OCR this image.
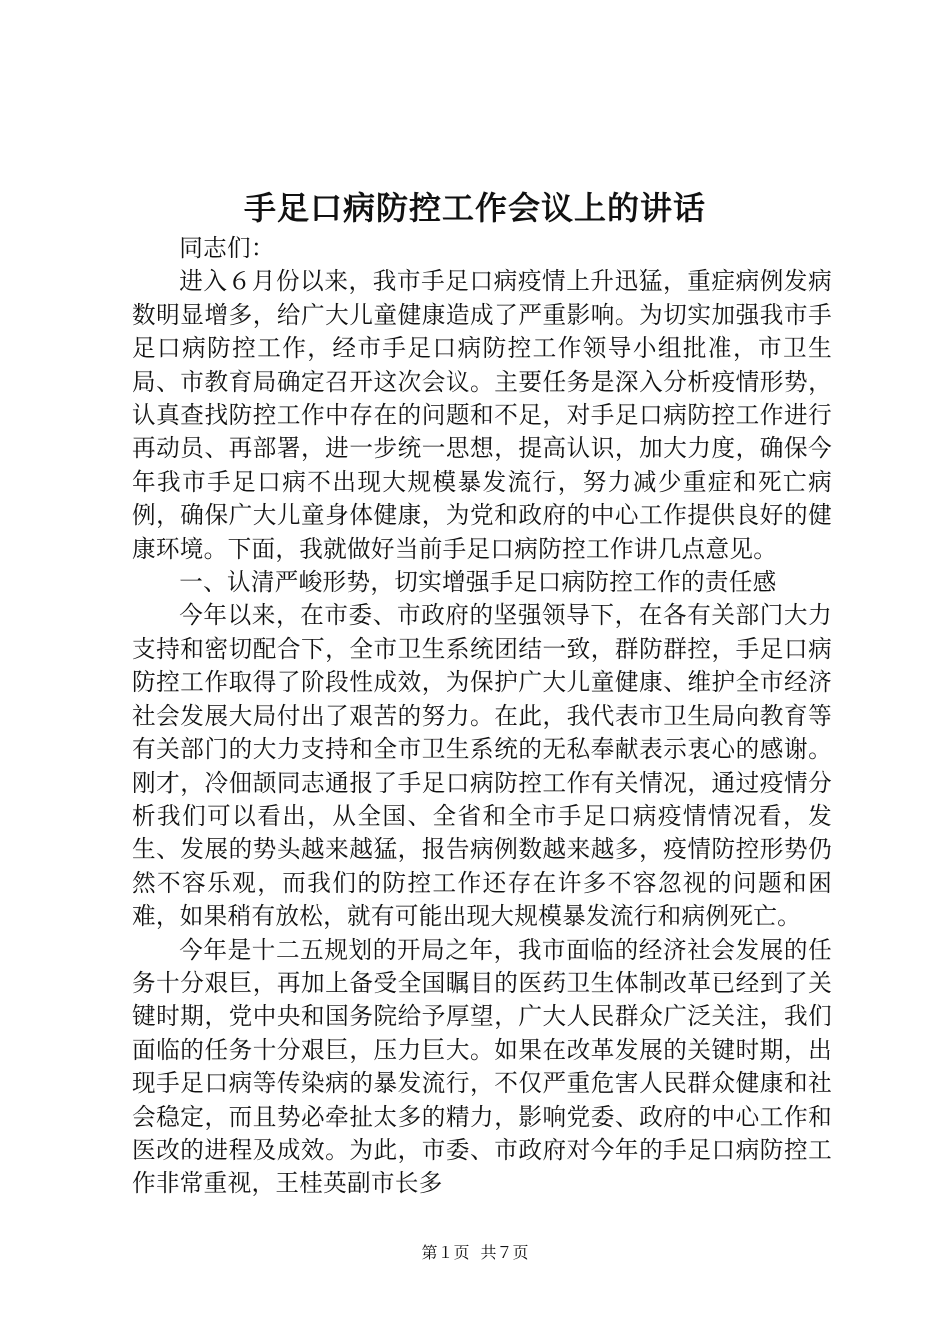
手足口病防控工作会议上的讲话

同志们：

进入６月份以来，我市手足口病疫情上升迅猛，重症病例发病数明显增多，给广大儿童健康造成了严重影响。为切实加强我市手足口病防控工作，经市手足口病防控工作领导小组批准，市卫生局、市教育局确定召开这次会议。主要任务是深入分析疫情形势，认真查找防控工作中存在的问题和不足，对手足口病防控工作进行再动员、再部署，进一步统一思想，提高认识，加大力度，确保今年我市手足口病不出现大规模暴发流行，努力减少重症和死亡病例，确保广大儿童身体健康，为党和政府的中心工作提供良好的健康环境。下面，我就做好当前手足口病防控工作讲几点意见。

一、认清严峻形势，切实增强手足口病防控工作的责任感

今年以来，在市委、市政府的坚强领导下，在各有关部门大力支持和密切配合下，全市卫生系统团结一致，群防群控，手足口病防控工作取得了阶段性成效，为保护广大儿童健康、维护全市经济社会发展大局付出了艰苦的努力。在此，我代表市卫生局向教育等有关部门的大力支持和全市卫生系统的无私奉献表示衷心的感谢。刚才，冷佃颉同志通报了手足口病防控工作有关情况，通过疫情分析我们可以看出，从全国、全省和全市手足口病疫情情况看，发生、发展的势头越来越猛，报告病例数越来越多，疫情防控形势仍然不容乐观，而我们的防控工作还存在许多不容忽视的问题和困难，如果稍有放松，就有可能出现大规模暴发流行和病例死亡。

今年是十二五规划的开局之年，我市面临的经济社会发展的任务十分艰巨，再加上备受全国瞩目的医药卫生体制改革已经到了关键时期，党中央和国务院给予厚望，广大人民群众广泛关注，我们面临的任务十分艰巨，压力巨大。如果在改革发展的关键时期，出现手足口病等传染病的暴发流行，不仅严重危害人民群众健康和社会稳定，而且势必牵扯太多的精力，影响党委、政府的中心工作和医改的进程及成效。为此，市委、市政府对今年的手足口病防控工作非常重视，王桂英副市长多

第１页 共７页
